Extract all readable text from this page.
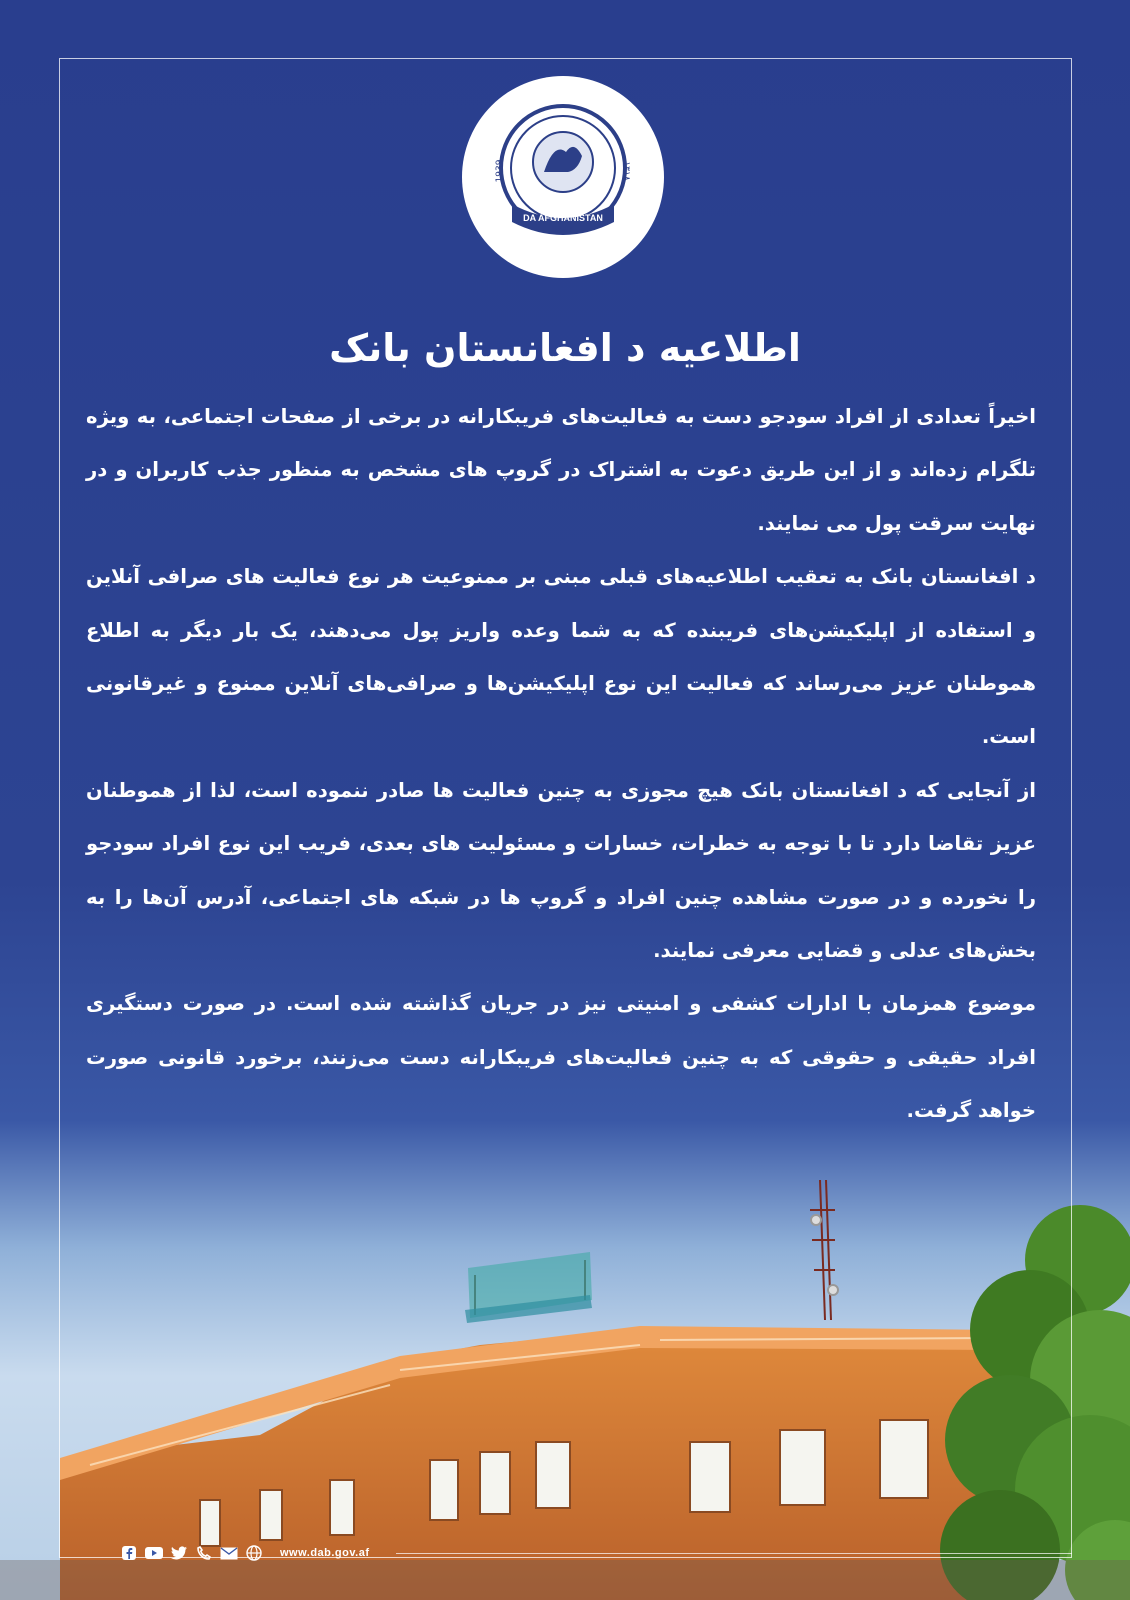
1939	۱۳۱۸
DA AFGHANISTAN
BANK
اطلاعیه د افغانستان بانک

اخیراً تعدادی از افراد سودجو دست به فعالیت‌های فریبکارانه در برخی از صفحات اجتماعی، به ویژه تلگرام زده‌اند و از این طریق دعوت به اشتراک در گروپ های مشخص به منظور جذب کاربران و در نهایت سرقت پول می نمایند.

د افغانستان بانک به تعقیب اطلاعیه‌های قبلی مبنی بر ممنوعیت هر نوع فعالیت های صرافی آنلاین و استفاده از اپلیکیشن‌های فریبنده که به شما وعده واریز پول می‌دهند، یک بار دیگر به اطلاع هموطنان عزیز می‌رساند که فعالیت این نوع اپلیکیشن‌ها و صرافی‌های آنلاین ممنوع و غیرقانونی است.

از آنجایی که د افغانستان بانک هیچ مجوزی به چنین فعالیت ها صادر ننموده است، لذا از هموطنان عزیز تقاضا دارد تا با توجه به خطرات، خسارات و مسئولیت های بعدی، فریب این نوع افراد سودجو را نخورده و در صورت مشاهده چنین افراد و گروپ ها در شبکه های اجتماعی، آدرس آن‌ها را به بخش‌های عدلی و قضایی معرفی نمایند.

موضوع همزمان با ادارات کشفی و امنیتی نیز در جریان گذاشته شده است. در صورت دستگیری افراد حقیقی و حقوقی که به چنین فعالیت‌های فریبکارانه دست می‌زنند، برخورد قانونی صورت خواهد گرفت.

www.dab.gov.af
